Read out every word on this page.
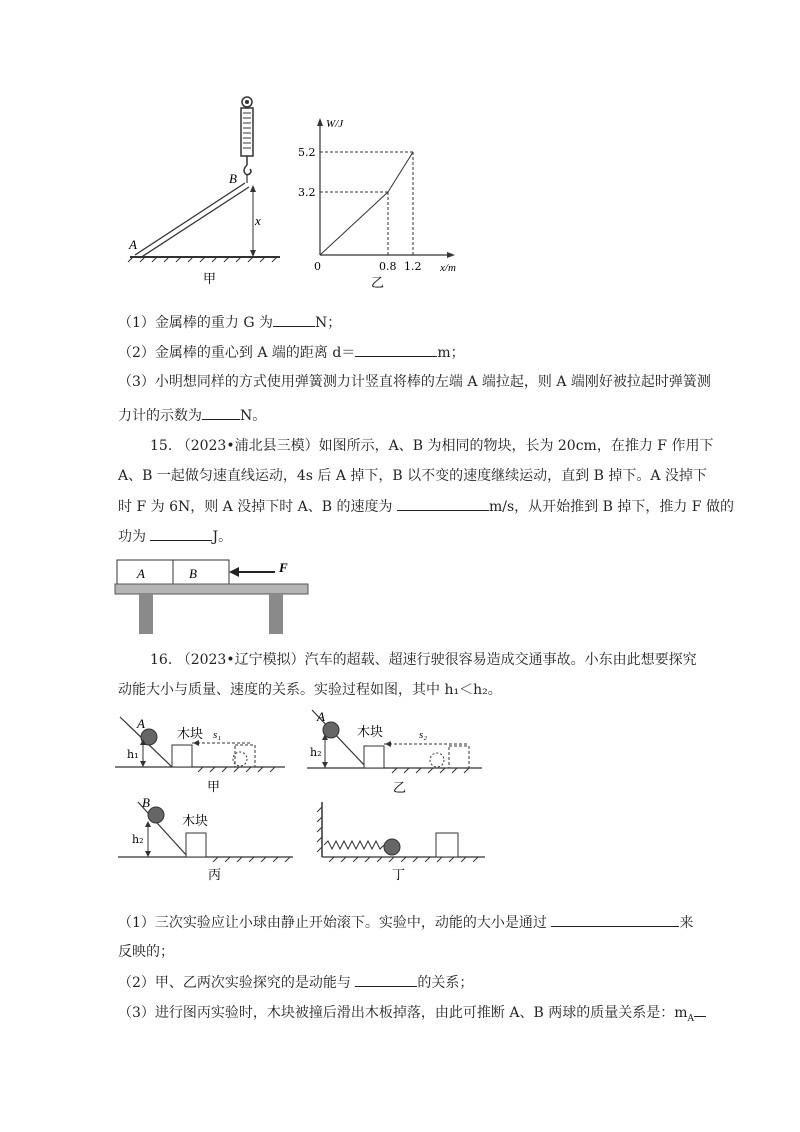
A
B
x
甲
W/J
x/m
0
5.2
3.2
0.8 1.2
乙
（1）金属棒的重力 G 为	N；
（2）金属棒的重心到 A 端的距离 d＝	m；
（3）小明想同样的方式使用弹簧测力计竖直将棒的左端 A 端拉起，则 A 端刚好被拉起时弹簧测
力计的示数为	N。
15. （2023•浦北县三模）如图所示，A、B 为相同的物块，长为 20cm，在推力 F 作用下
A、B 一起做匀速直线运动，4s 后 A 掉下，B 以不变的速度继续运动，直到 B 掉下。A 没掉下
时 F 为 6N，则 A 没掉下时 A、B 的速度为	m/s，从开始推到 B 掉下，推力 F 做的
功为	J。
A	B	F
16. （2023•辽宁模拟）汽车的超载、超速行驶很容易造成交通事故。小东由此想要探究
动能大小与质量、速度的关系。实验过程如图，其中 h₁＜h₂。
A
h₁
木块 s₁
甲
A
h₂
木块	s₂
乙
B
h₂
木块
丙	丁
（1）三次实验应让小球由静止开始滚下。实验中，动能的大小是通过	来
反映的；
（2）甲、乙两次实验探究的是动能与	的关系；
（3）进行图丙实验时，木块被撞后滑出木板掉落，由此可推断 A、B 两球的质量关系是：$m_A$
